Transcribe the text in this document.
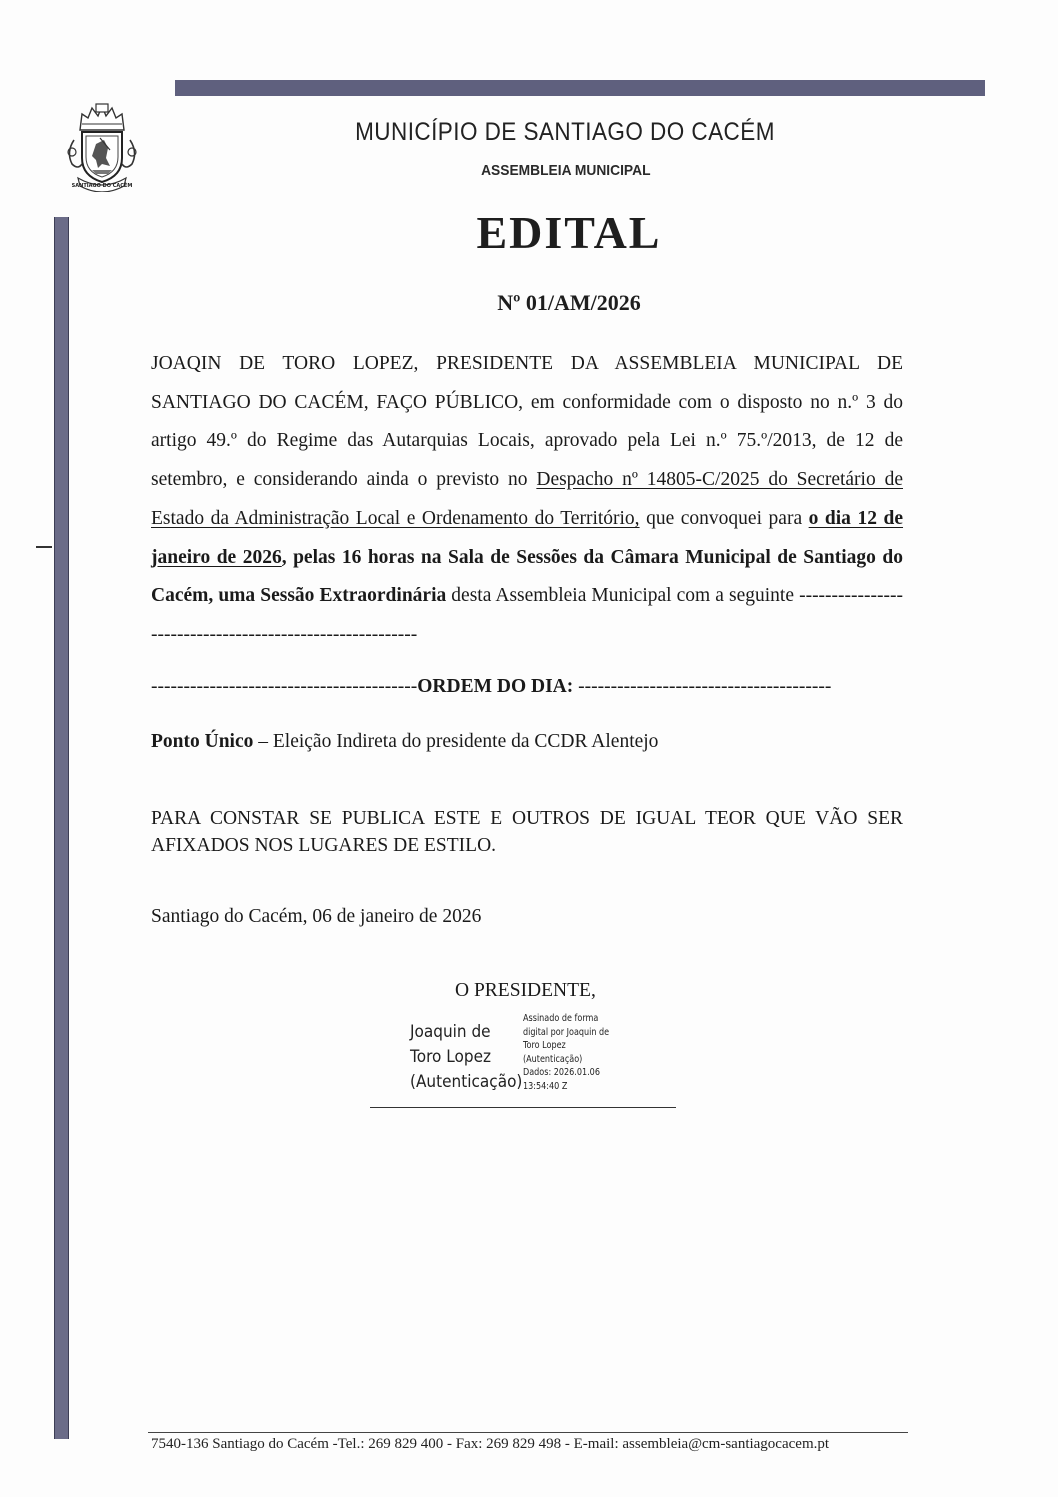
SANTIAGO DO CACÉM
MUNICÍPIO DE SANTIAGO DO CACÉM
ASSEMBLEIA MUNICIPAL
EDITAL
Nº 01/AM/2026

JOAQIN DE TORO LOPEZ, PRESIDENTE DA ASSEMBLEIA MUNICIPAL DE SANTIAGO DO CACÉM, FAÇO PÚBLICO, em conformidade com o disposto no n.º 3 do artigo 49.º do Regime das Autarquias Locais, aprovado pela Lei n.º 75.º/2013, de 12 de setembro, e considerando ainda o previsto no Despacho nº 14805-C/2025 do Secretário de Estado da Administração Local e Ordenamento do Território, que convoquei para o dia 12 de janeiro de 2026, pelas 16 horas na Sala de Sessões da Câmara Municipal de Santiago do Cacém, uma Sessão Extraordinária desta Assembleia Municipal com a seguinte ---------------------------------------------------------

-----------------------------------------ORDEM DO DIA: ---------------------------------------
Ponto Único – Eleição Indireta do presidente da CCDR Alentejo

PARA CONSTAR SE PUBLICA ESTE E OUTROS DE IGUAL TEOR QUE VÃO SER AFIXADOS NOS LUGARES DE ESTILO.

Santiago do Cacém, 06 de janeiro de 2026
O PRESIDENTE,
Joaquin de
Toro Lopez
(Autenticação)
Assinado de forma
digital por Joaquin de
Toro Lopez
(Autenticação)
Dados: 2026.01.06
13:54:40 Z
7540-136 Santiago do Cacém -Tel.: 269 829 400 - Fax: 269 829 498 - E-mail: assembleia@cm-santiagocacem.pt
